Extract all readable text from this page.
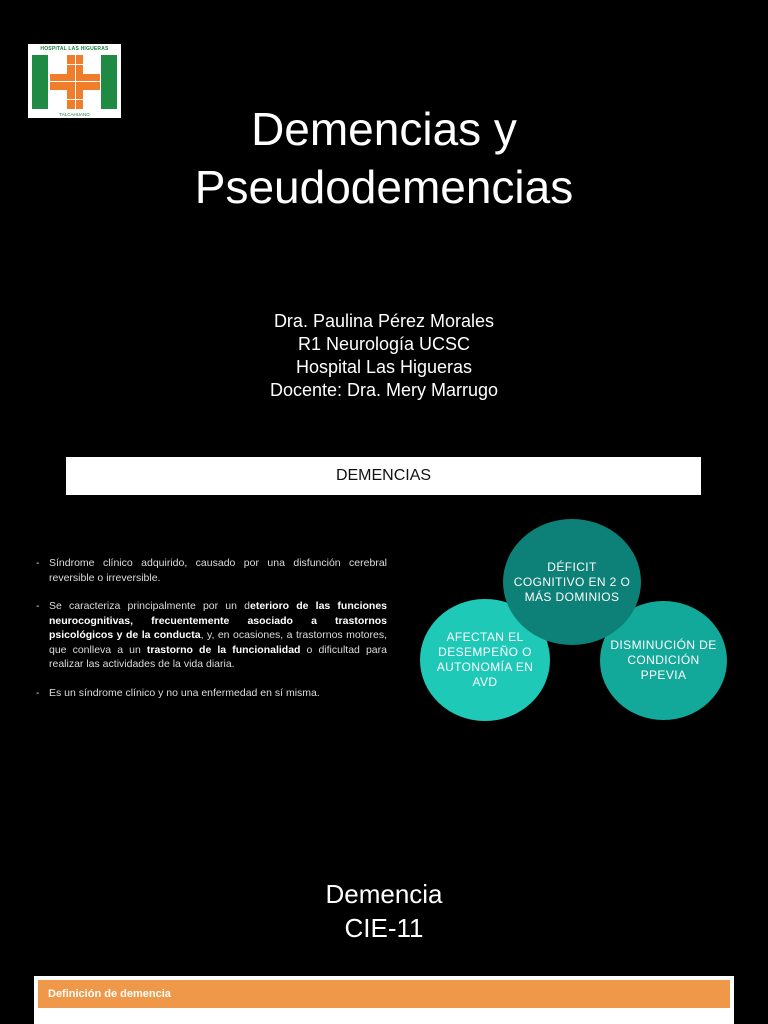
HOSPITAL LAS HIGUERAS
TALCAHUANO	Demencias y
Pseudodemencias
Dra. Paulina Pérez Morales
R1 Neurología UCSC
Hospital Las Higueras
Docente: Dra. Mery Marrugo
DEMENCIAS
- Síndrome clínico adquirido, causado por una disfunción cerebral reversible o irreversible.
- Se caracteriza principalmente por un deterioro de las funciones neurocognitivas, frecuentemente asociado a trastornos psicológicos y de la conducta, y, en ocasiones, a trastornos motores, que conlleva a un trastorno de la funcionalidad o dificultad para realizar las actividades de la vida diaria.
- Es un síndrome clínico y no una enfermedad en sí misma.
AFECTAN EL DESEMPEÑO O AUTONOMÍA EN AVD
DISMINUCIÓN DE CONDICIÓN PPEVIA
DÉFICIT COGNITIVO EN 2 O MÁS DOMINIOS
Demencia
CIE-11
Definición de demencia
